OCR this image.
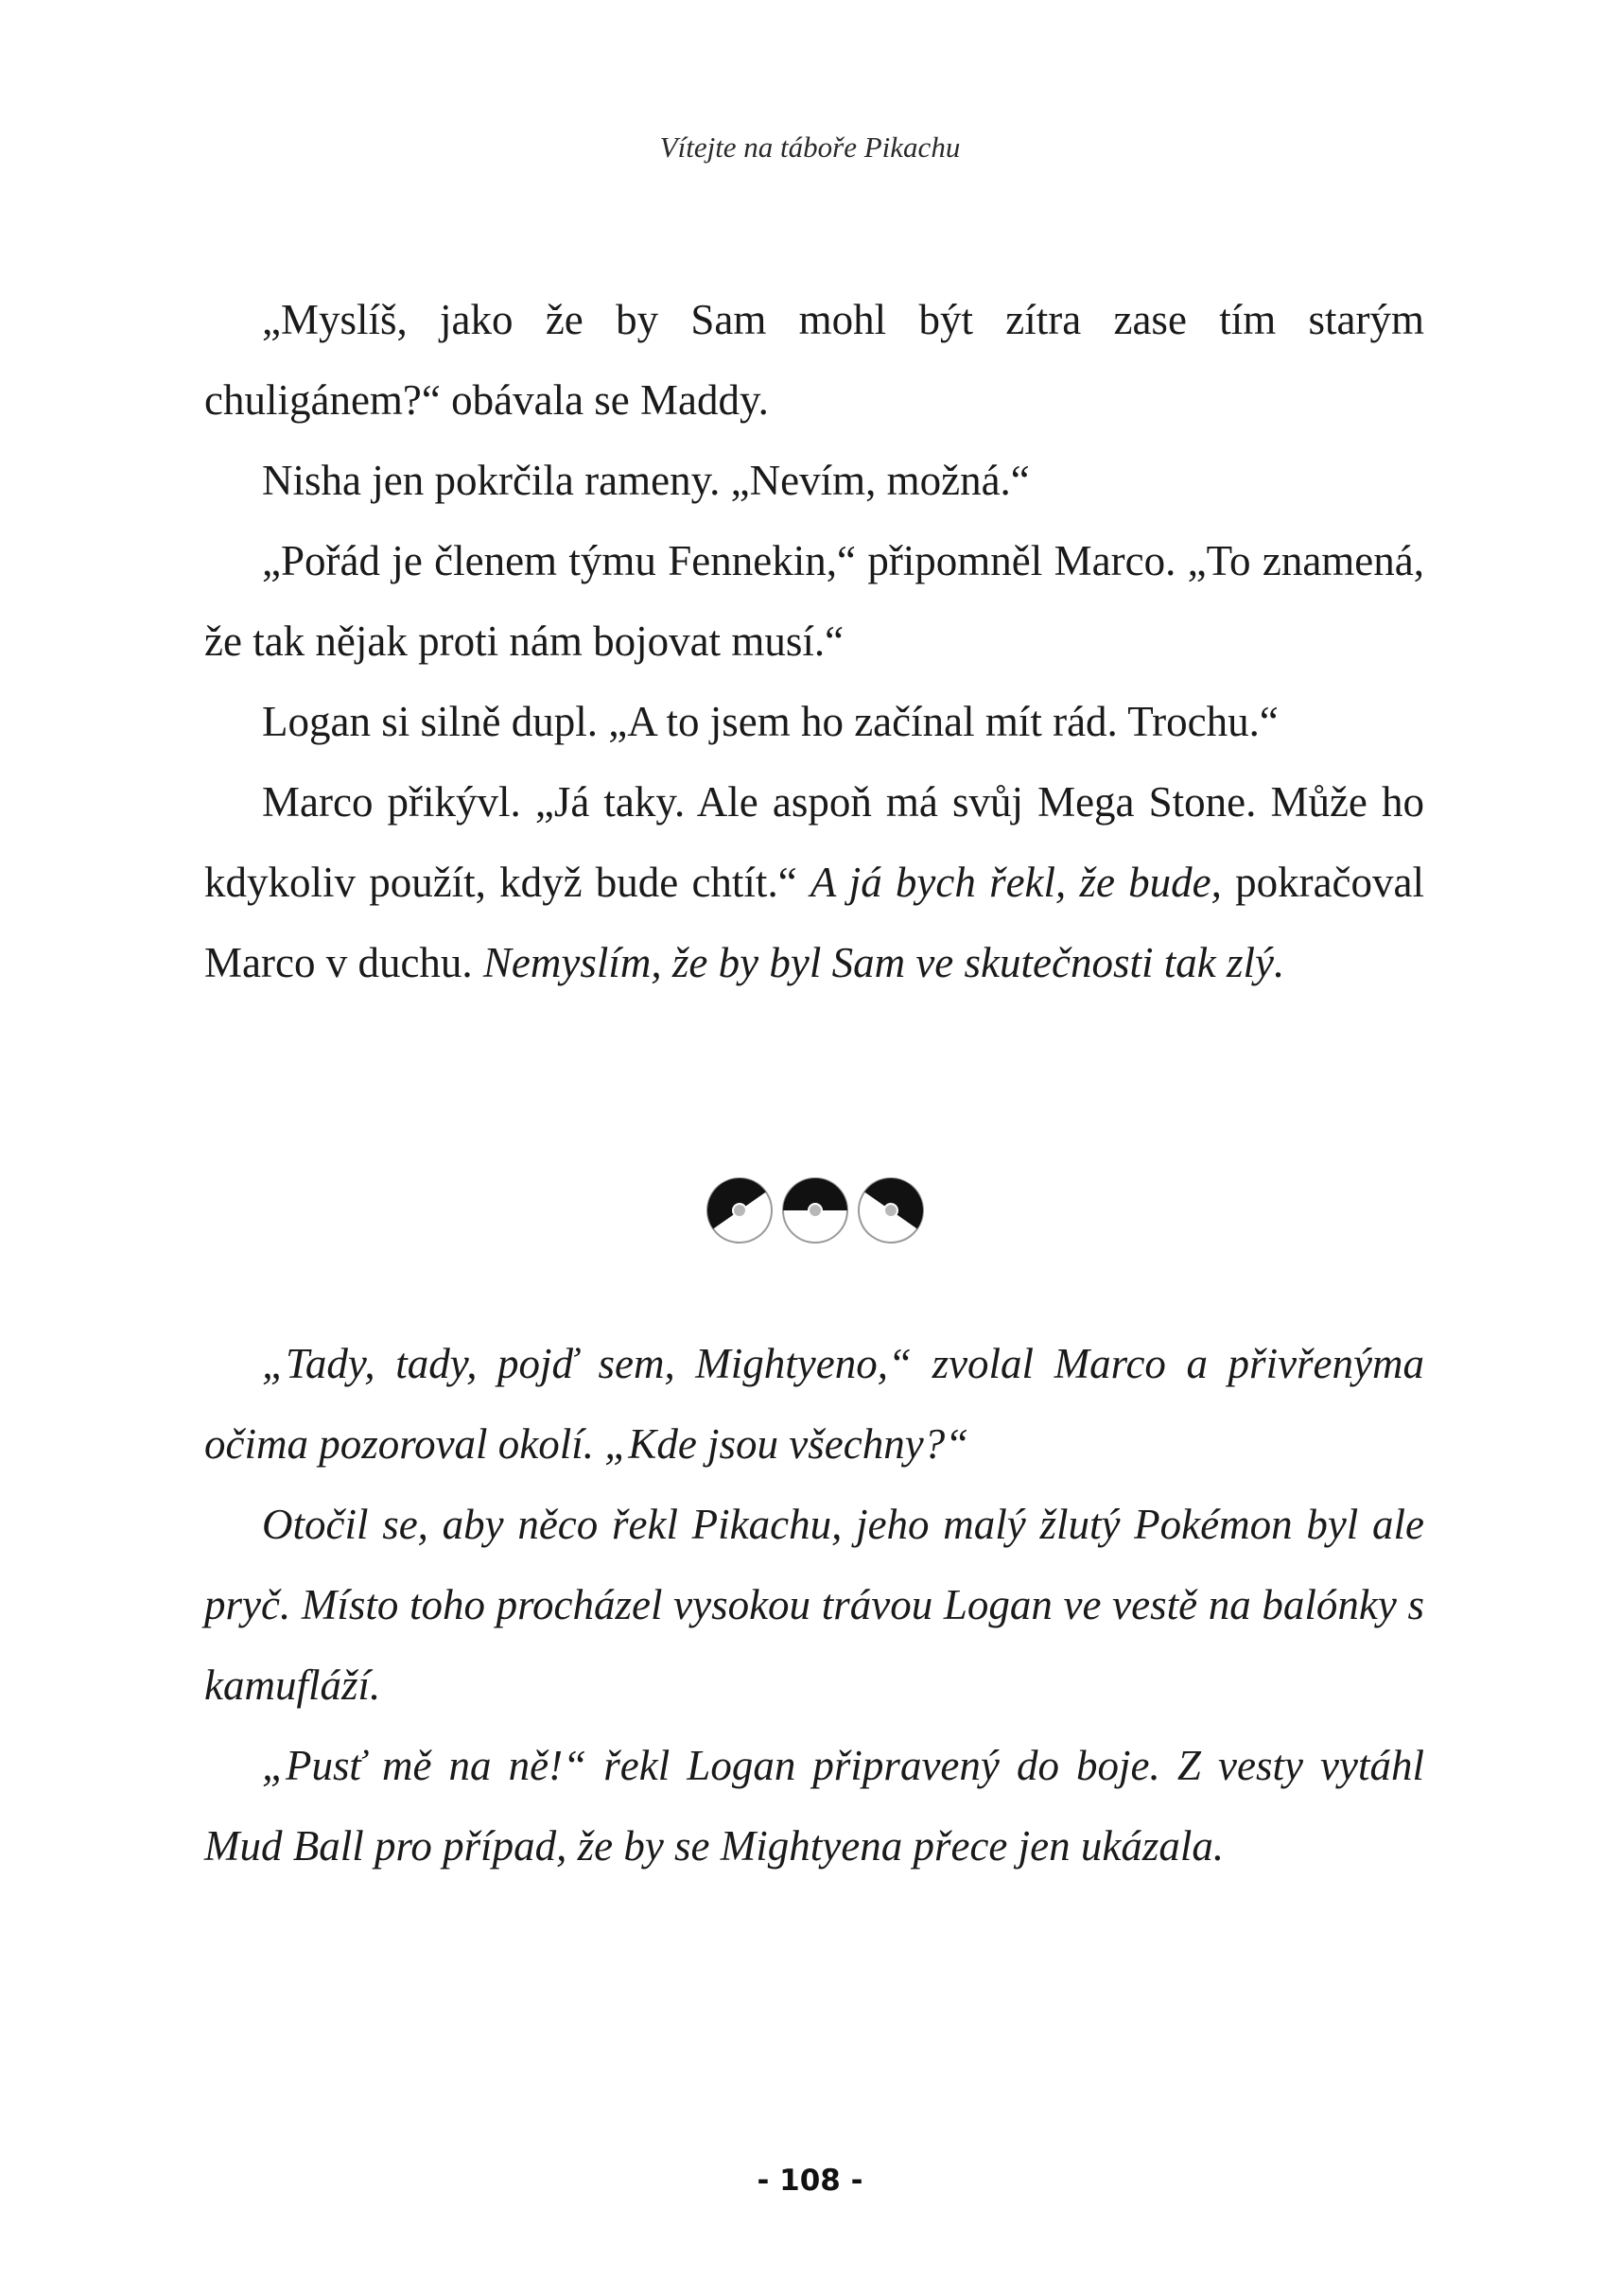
Vítejte na táboře Pikachu

„Myslíš, jako že by Sam mohl být zítra zase tím starým chuligánem?“ obávala se Maddy.

Nisha jen pokrčila rameny. „Nevím, možná.“

„Pořád je členem týmu Fennekin,“ připomněl Marco. „To znamená, že tak nějak proti nám bojovat musí.“

Logan si silně dupl. „A to jsem ho začínal mít rád. Trochu.“

Marco přikývl. „Já taky. Ale aspoň má svůj Mega Stone. Může ho kdykoliv použít, když bude chtít.“ A já bych řekl, že bude, pokračoval Marco v duchu. Nemyslím, že by byl Sam ve skutečnosti tak zlý.

„Tady, tady, pojď sem, Mightyeno,“ zvolal Marco a přivřenýma očima pozoroval okolí. „Kde jsou všechny?“

Otočil se, aby něco řekl Pikachu, jeho malý žlutý Pokémon byl ale pryč. Místo toho procházel vysokou trávou Logan ve vestě na balónky s kamufláží.

„Pusť mě na ně!“ řekl Logan připravený do boje. Z vesty vytáhl Mud Ball pro případ, že by se Mightyena přece jen ukázala.

- 108 -
